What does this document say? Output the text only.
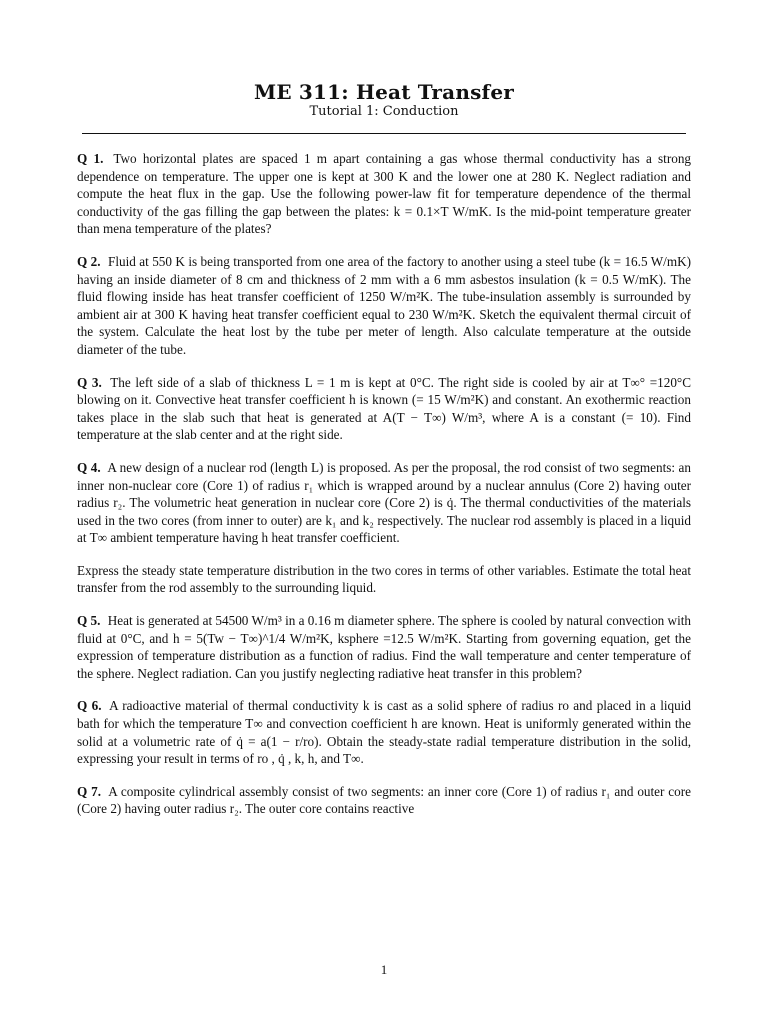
ME 311: Heat Transfer
Tutorial 1: Conduction

Q 1. Two horizontal plates are spaced 1 m apart containing a gas whose thermal conductivity has a strong dependence on temperature. The upper one is kept at 300 K and the lower one at 280 K. Neglect radiation and compute the heat flux in the gap. Use the following power-law fit for temperature dependence of the thermal conductivity of the gas filling the gap between the plates: k = 0.1×T W/mK. Is the mid-point temperature greater than mena temperature of the plates?

Q 2. Fluid at 550 K is being transported from one area of the factory to another using a steel tube (k = 16.5 W/mK) having an inside diameter of 8 cm and thickness of 2 mm with a 6 mm asbestos insulation (k = 0.5 W/mK). The fluid flowing inside has heat transfer coefficient of 1250 W/m²K. The tube-insulation assembly is surrounded by ambient air at 300 K having heat transfer coefficient equal to 230 W/m²K. Sketch the equivalent thermal circuit of the system. Calculate the heat lost by the tube per meter of length. Also calculate temperature at the outside diameter of the tube.

Q 3. The left side of a slab of thickness L = 1 m is kept at 0°C. The right side is cooled by air at T∞° =120°C blowing on it. Convective heat transfer coefficient h is known (= 15 W/m²K) and constant. An exothermic reaction takes place in the slab such that heat is generated at A(T − T∞) W/m³, where A is a constant (= 10). Find temperature at the slab center and at the right side.

Q 4. A new design of a nuclear rod (length L) is proposed. As per the proposal, the rod consist of two segments: an inner non-nuclear core (Core 1) of radius r₁ which is wrapped around by a nuclear annulus (Core 2) having outer radius r₂. The volumetric heat generation in nuclear core (Core 2) is q̇. The thermal conductivities of the materials used in the two cores (from inner to outer) are k₁ and k₂ respectively. The nuclear rod assembly is placed in a liquid at T∞ ambient temperature having h heat transfer coefficient.

Express the steady state temperature distribution in the two cores in terms of other variables. Estimate the total heat transfer from the rod assembly to the surrounding liquid.

Q 5. Heat is generated at 54500 W/m³ in a 0.16 m diameter sphere. The sphere is cooled by natural convection with fluid at 0°C, and h = 5(Tw − T∞)^1/4 W/m²K, ksphere =12.5 W/m²K. Starting from governing equation, get the expression of temperature distribution as a function of radius. Find the wall temperature and center temperature of the sphere. Neglect radiation. Can you justify neglecting radiative heat transfer in this problem?

Q 6. A radioactive material of thermal conductivity k is cast as a solid sphere of radius ro and placed in a liquid bath for which the temperature T∞ and convection coefficient h are known. Heat is uniformly generated within the solid at a volumetric rate of q̇ = a(1 − r/ro). Obtain the steady-state radial temperature distribution in the solid, expressing your result in terms of ro , q̇ , k, h, and T∞.

Q 7. A composite cylindrical assembly consist of two segments: an inner core (Core 1) of radius r₁ and outer core (Core 2) having outer radius r₂. The outer core contains reactive

1
